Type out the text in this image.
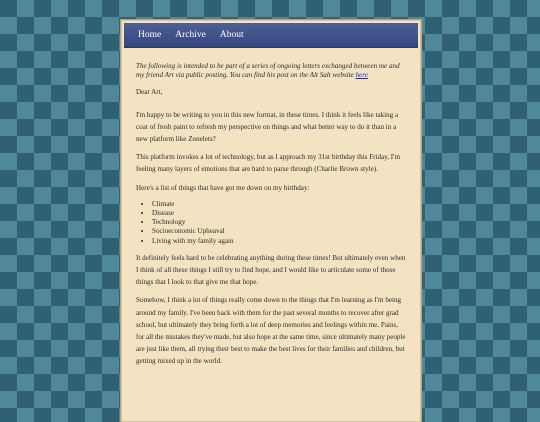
Home Archive About

The following is intended to be part of a series of ongoing letters exchanged between me and my friend Art via public posting. You can find his post on the Alt Salt website here

Dear Art,

I'm happy to be writing to you in this new format, in these times. I think it feels like taking a coat of fresh paint to refresh my perspective on things and what better way to do it than in a new platform like Zonelets?

This platform invokes a lot of technology, but as I approach my 31st birthday this Friday, I'm feeling many layers of emotions that are hard to parse through (Charlie Brown style).

Here's a list of things that have got me down on my birthday:

• Climate
• Disease
• Technology
• Socioeconomic Upheaval
• Living with my family again

It definitely feels hard to be celebrating anything during these times! But ultimately even when I think of all these things I still try to find hope, and I would like to articulate some of those things that I look to that give me that hope.

Somehow, I think a lot of things really come down to the things that I'm learning as I'm being around my family. I've been back with them for the past several months to recover after grad school, but ultimately they bring forth a lot of deep memories and feelings within me. Pains, for all the mistakes they've made, but also hope at the same time, since ultimately many people are just like them, all trying their best to make the best lives for their families and children, but getting mixed up in the world.
